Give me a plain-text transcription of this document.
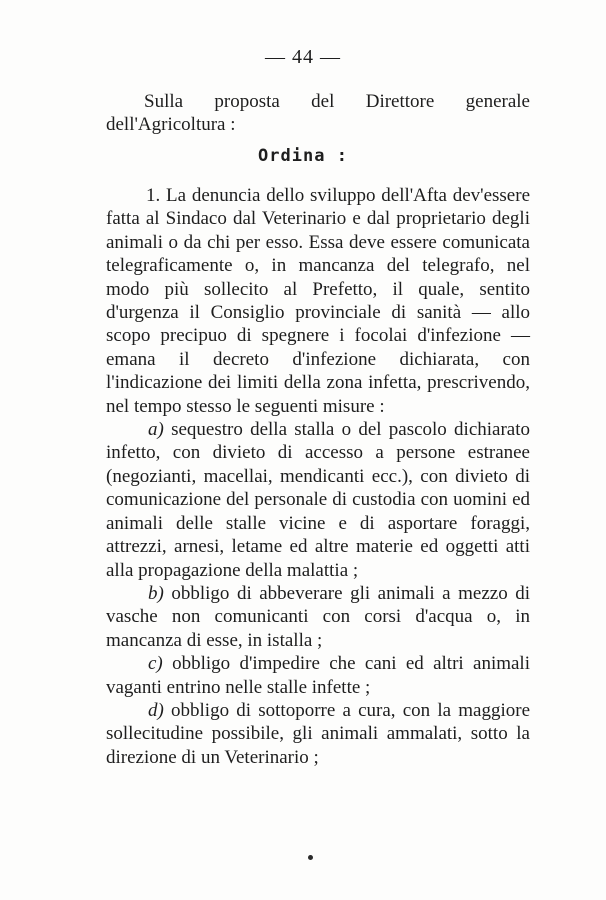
— 44 —

Sulla proposta del Direttore generale dell'Agricoltura :

Ordina :

1. La denuncia dello sviluppo dell'Afta dev'essere fatta al Sindaco dal Veterinario e dal proprietario degli animali o da chi per esso. Essa deve essere comunicata telegraficamente o, in mancanza del telegrafo, nel modo più sollecito al Prefetto, il quale, sentito d'urgenza il Consiglio provinciale di sanità — allo scopo precipuo di spegnere i focolai d'infezione — emana il decreto d'infezione dichiarata, con l'indicazione dei limiti della zona infetta, prescrivendo, nel tempo stesso le seguenti misure :

a) sequestro della stalla o del pascolo dichiarato infetto, con divieto di accesso a persone estranee (negozianti, macellai, mendicanti ecc.), con divieto di comunicazione del personale di custodia con uomini ed animali delle stalle vicine e di asportare foraggi, attrezzi, arnesi, letame ed altre materie ed oggetti atti alla propagazione della malattia ;

b) obbligo di abbeverare gli animali a mezzo di vasche non comunicanti con corsi d'acqua o, in mancanza di esse, in istalla ;

c) obbligo d'impedire che cani ed altri animali vaganti entrino nelle stalle infette ;

d) obbligo di sottoporre a cura, con la maggiore sollecitudine possibile, gli animali ammalati, sotto la direzione di un Veterinario ;
